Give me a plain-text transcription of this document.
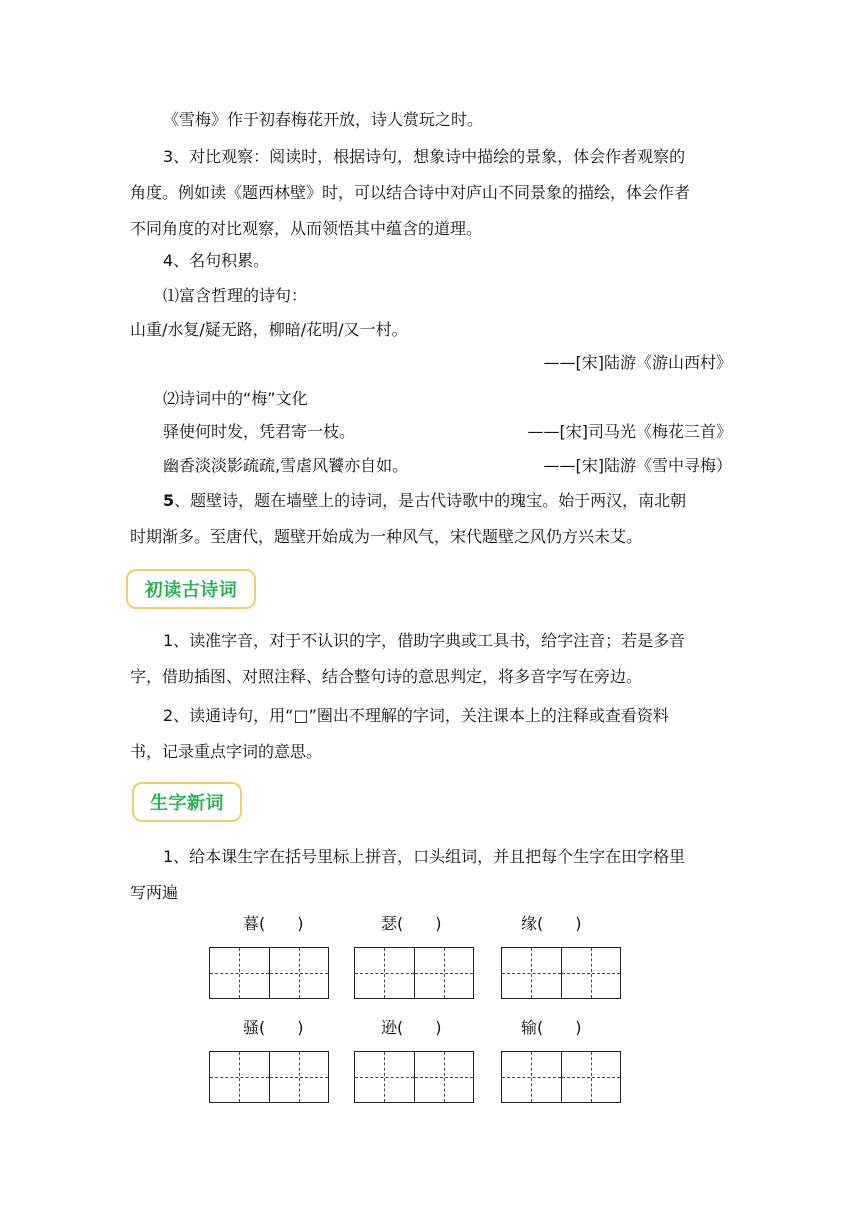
《雪梅》作于初春梅花开放，诗人赏玩之时。
3、对比观察：阅读时，根据诗句，想象诗中描绘的景象，体会作者观察的
角度。例如读《题西林壁》时，可以结合诗中对庐山不同景象的描绘，体会作者
不同角度的对比观察，从而领悟其中蕴含的道理。
4、名句积累。
⑴富含哲理的诗句：
山重/水复/疑无路，柳暗/花明/又一村。
——[宋]陆游《游山西村》
⑵诗词中的“梅”文化
驿使何时发，凭君寄一枝。	——[宋]司马光《梅花三首》
幽香淡淡影疏疏,雪虐风饕亦自如。	——[宋]陆游《雪中寻梅）
5、题壁诗，题在墙壁上的诗词，是古代诗歌中的瑰宝。始于两汉，南北朝
时期渐多。至唐代，题壁开始成为一种风气，宋代题壁之风仍方兴未艾。
初读古诗词
1、读准字音，对于不认识的字，借助字典或工具书，给字注音；若是多音
字，借助插图、对照注释、结合整句诗的意思判定，将多音字写在旁边。
2、读通诗句，用“□”圈出不理解的字词，关注课本上的注释或查看资料
书，记录重点字词的意思。
生字新词
1、给本课生字在括号里标上拼音，口头组词，并且把每个生字在田字格里
写两遍
暮(　　)	瑟(　　)	缘(　　)
骚(　　)	逊(　　)	输(　　)
